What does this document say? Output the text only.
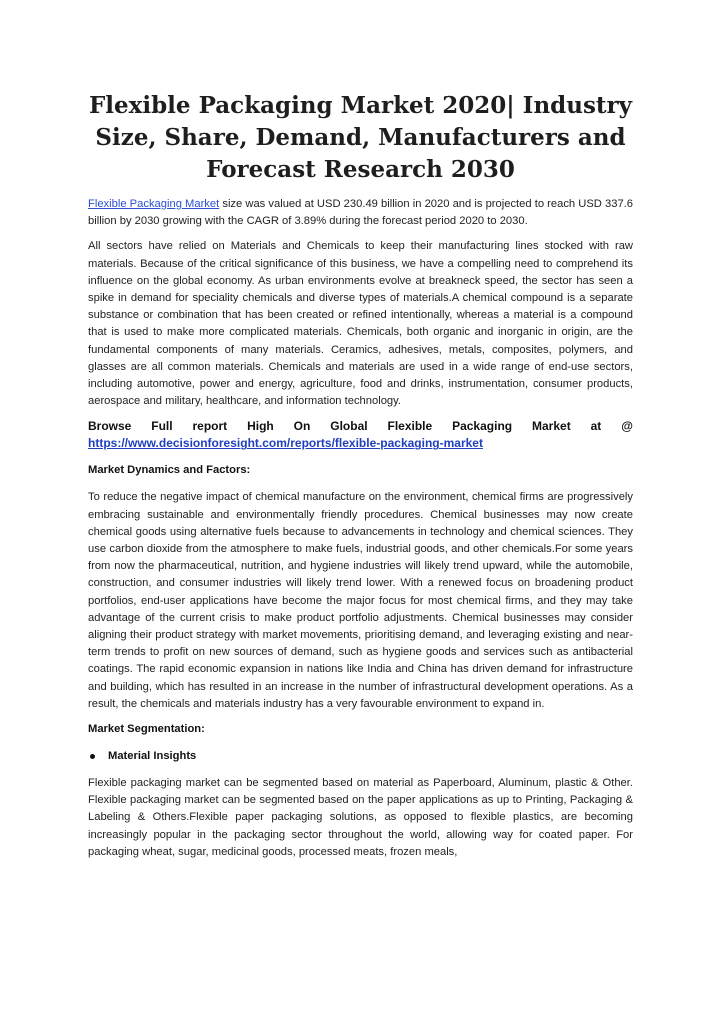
Flexible Packaging Market 2020| Industry
Size, Share, Demand, Manufacturers and
Forecast Research 2030

Flexible Packaging Market size was valued at USD 230.49 billion in 2020 and is projected to reach USD 337.6 billion by 2030 growing with the CAGR of 3.89% during the forecast period 2020 to 2030.

All sectors have relied on Materials and Chemicals to keep their manufacturing lines stocked with raw materials. Because of the critical significance of this business, we have a compelling need to comprehend its influence on the global economy. As urban environments evolve at breakneck speed, the sector has seen a spike in demand for speciality chemicals and diverse types of materials.A chemical compound is a separate substance or combination that has been created or refined intentionally, whereas a material is a compound that is used to make more complicated materials. Chemicals, both organic and inorganic in origin, are the fundamental components of many materials. Ceramics, adhesives, metals, composites, polymers, and glasses are all common materials. Chemicals and materials are used in a wide range of end-use sectors, including automotive, power and energy, agriculture, food and drinks, instrumentation, consumer products, aerospace and military, healthcare, and information technology.

Browse Full report High On Global Flexible Packaging Market at @
https://www.decisionforesight.com/reports/flexible-packaging-market
Market Dynamics and Factors:

To reduce the negative impact of chemical manufacture on the environment, chemical firms are progressively embracing sustainable and environmentally friendly procedures. Chemical businesses may now create chemical goods using alternative fuels because to advancements in technology and chemical sciences. They use carbon dioxide from the atmosphere to make fuels, industrial goods, and other chemicals.For some years from now the pharmaceutical, nutrition, and hygiene industries will likely trend upward, while the automobile, construction, and consumer industries will likely trend lower. With a renewed focus on broadening product portfolios, end-user applications have become the major focus for most chemical firms, and they may take advantage of the current crisis to make product portfolio adjustments. Chemical businesses may consider aligning their product strategy with market movements, prioritising demand, and leveraging existing and near-term trends to profit on new sources of demand, such as hygiene goods and services such as antibacterial coatings. The rapid economic expansion in nations like India and China has driven demand for infrastructure and building, which has resulted in an increase in the number of infrastructural development operations. As a result, the chemicals and materials industry has a very favourable environment to expand in.

Market Segmentation:
Material Insights

Flexible packaging market can be segmented based on material as Paperboard, Aluminum, plastic & Other. Flexible packaging market can be segmented based on the paper applications as up to Printing, Packaging & Labeling & Others.Flexible paper packaging solutions, as opposed to flexible plastics, are becoming increasingly popular in the packaging sector throughout the world, allowing way for coated paper. For packaging wheat, sugar, medicinal goods, processed meats, frozen meals,
